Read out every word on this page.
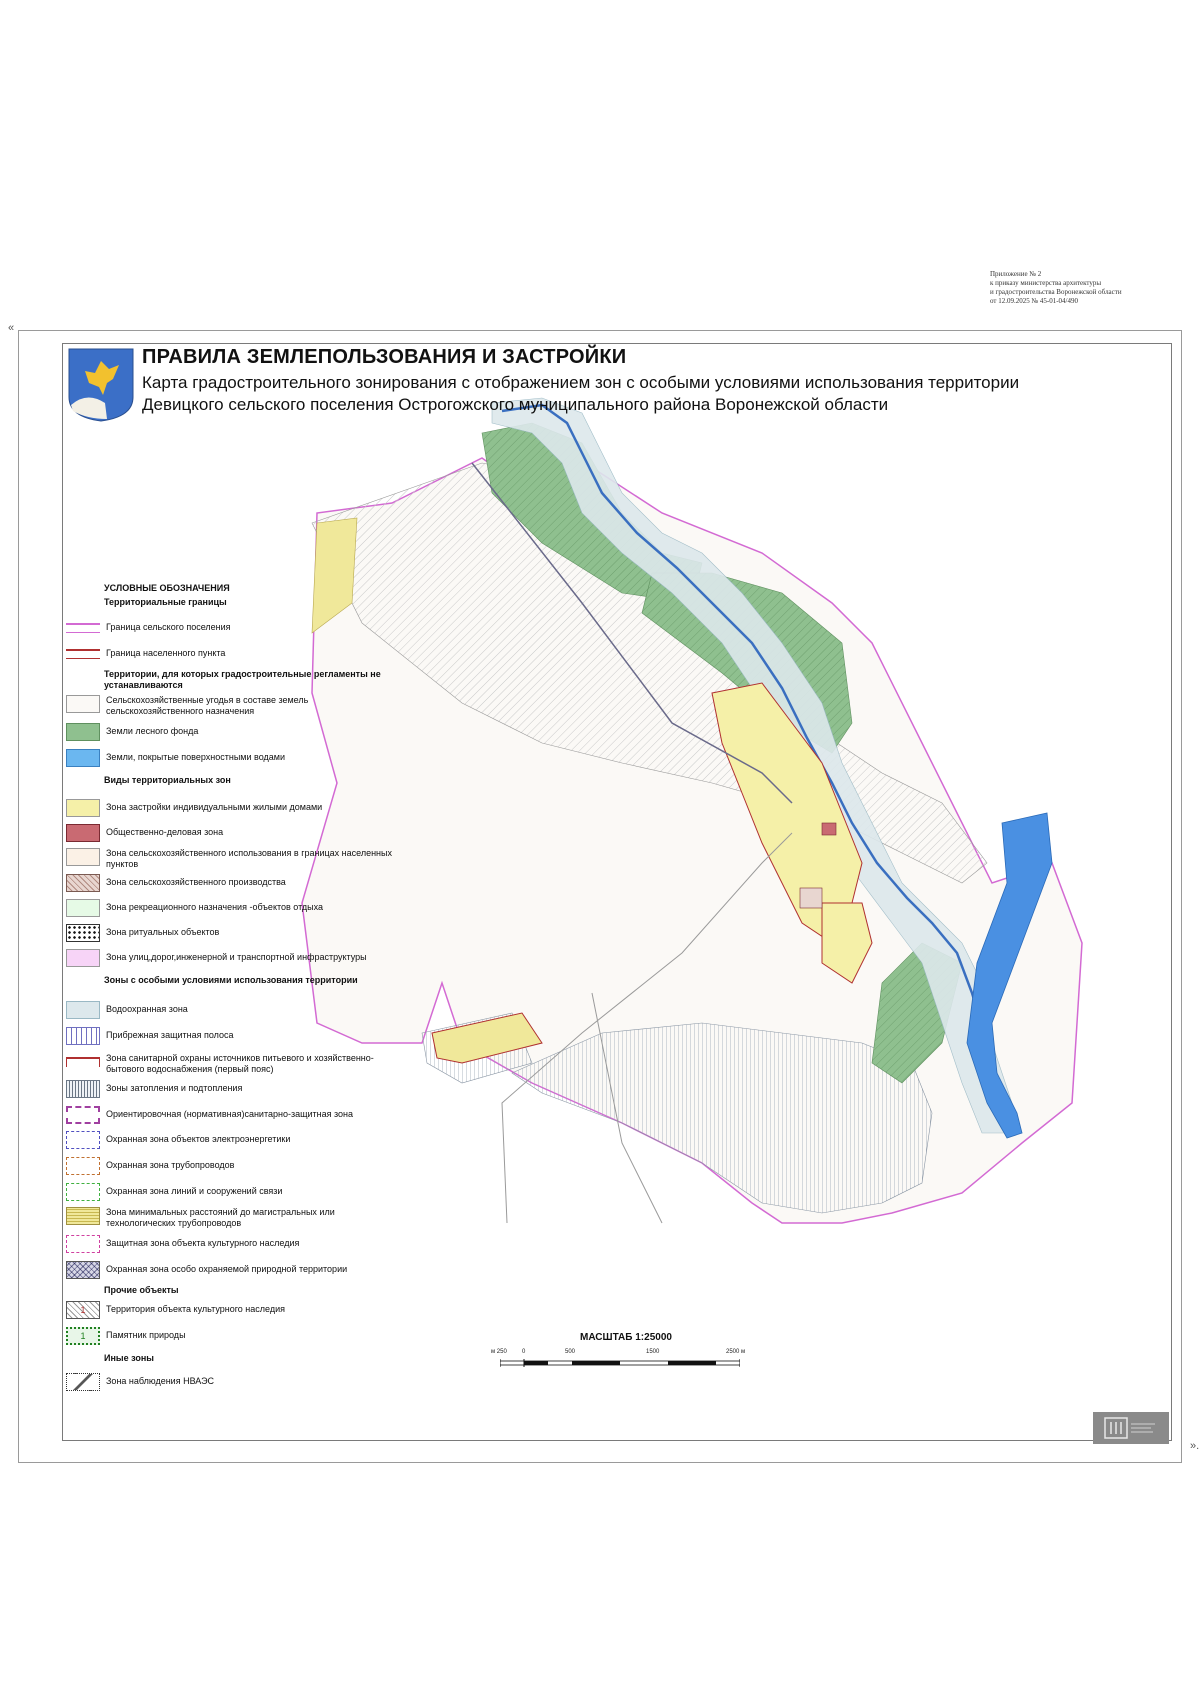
Приложение № 2
к приказу министерства архитектуры
и градостроительства Воронежской области
от 12.09.2025 № 45-01-04/490
«
».
ПРАВИЛА ЗЕМЛЕПОЛЬЗОВАНИЯ И ЗАСТРОЙКИ
Карта градостроительного зонирования с отображением зон с особыми условиями использования территории
Девицкого сельского поселения Острогожского муниципального района Воронежской области
УСЛОВНЫЕ ОБОЗНАЧЕНИЯ
Территориальные границы
Граница сельского поселения
Граница населенного пункта
Территории, для которых градостроительные регламенты не устанавливаются
Сельскохозяйственные угодья в составе земель сельскохозяйственного назначения
Земли лесного фонда
Земли, покрытые поверхностными водами
Виды территориальных зон
Зона застройки индивидуальными жилыми домами
Общественно-деловая зона
Зона сельскохозяйственного использования в границах населенных пунктов
Зона сельскохозяйственного производства
Зона рекреационного назначения -объектов отдыха
Зона ритуальных объектов
Зона улиц,дорог,инженерной и транспортной инфраструктуры
Зоны с особыми условиями использования территории
Водоохранная зона
Прибрежная защитная полоса
Зона санитарной охраны источников питьевого и хозяйственно-бытового водоснабжения (первый пояс)
Зоны затопления и подтопления
Ориентировочная (нормативная)санитарно-защитная зона
Охранная зона объектов электроэнергетики
Охранная зона трубопроводов
Охранная зона линий и сооружений связи
Зона минимальных расстояний до магистральных или технологических трубопроводов
Защитная зона объекта культурного наследия
Охранная зона особо охраняемой природной территории
Прочие объекты
1	Территория объекта культурного наследия
1	Памятник природы
Иные зоны
Зона наблюдения НВАЭС
МАСШТАБ 1:25000
м 250	0	500	1500	2500 м
